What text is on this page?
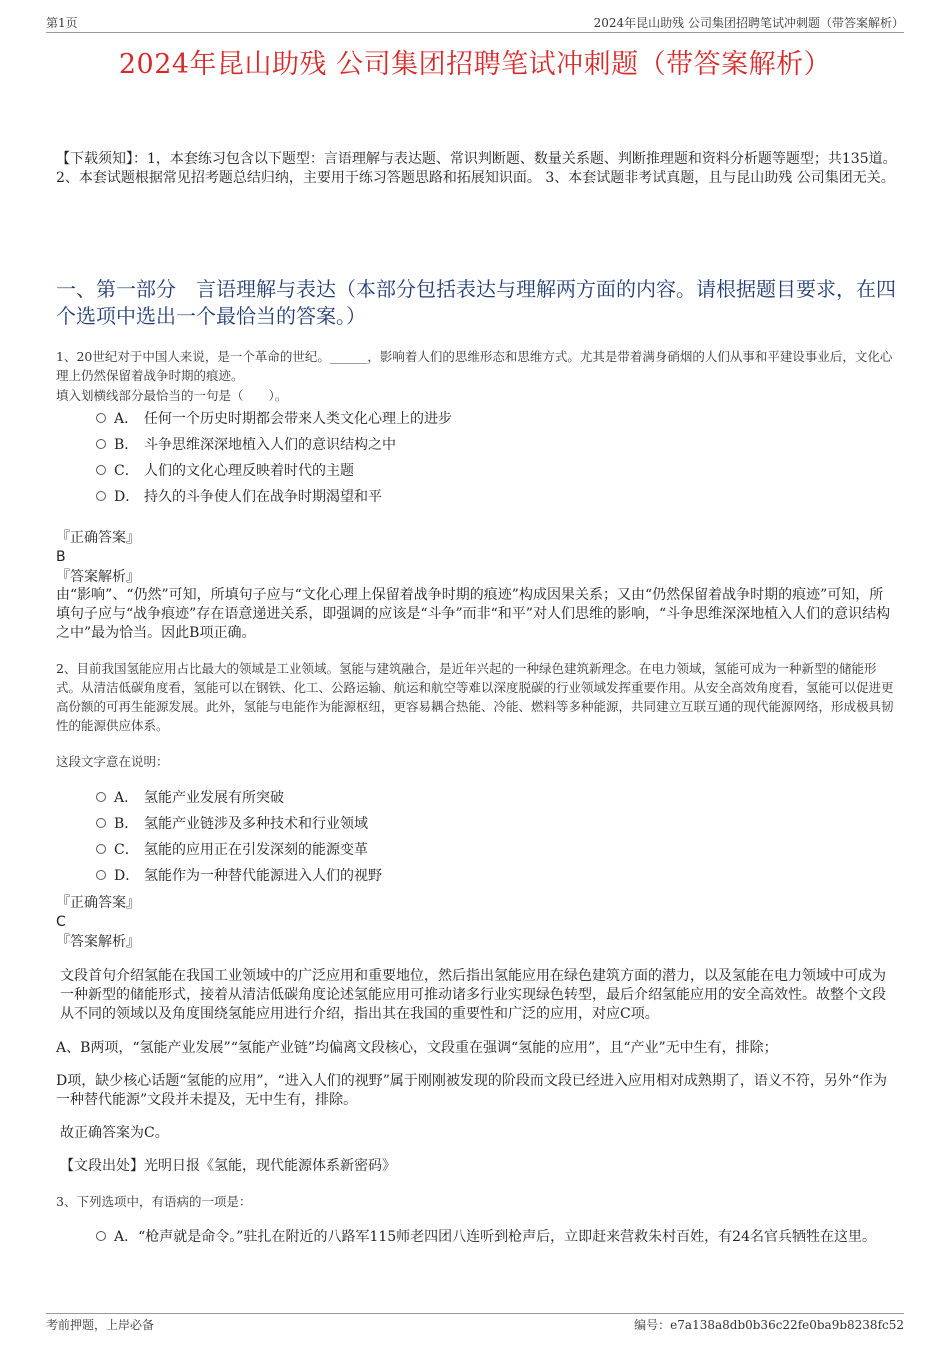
第1页	2024年昆山助残 公司集团招聘笔试冲刺题（带答案解析）
2024年昆山助残 公司集团招聘笔试冲刺题（带答案解析）
【下载须知】：1，本套练习包含以下题型：言语理解与表达题、常识判断题、数量关系题、判断推理题和资料分析题等题型；共135道。 2、本套试题根据常见招考题总结归纳，主要用于练习答题思路和拓展知识面。 3、本套试题非考试真题，且与昆山助残 公司集团无关。
一、第一部分　言语理解与表达（本部分包括表达与理解两方面的内容。请根据题目要求，在四个选项中选出一个最恰当的答案。）
1、20世纪对于中国人来说，是一个革命的世纪。______，影响着人们的思维形态和思维方式。尤其是带着满身硝烟的人们从事和平建设事业后，文化心理上仍然保留着战争时期的痕迹。
填入划横线部分最恰当的一句是（　　）。
A． 任何一个历史时期都会带来人类文化心理上的进步
B． 斗争思维深深地植入人们的意识结构之中
C． 人们的文化心理反映着时代的主题
D． 持久的斗争使人们在战争时期渴望和平
『正确答案』
B
『答案解析』
由“影响”、“仍然”可知，所填句子应与“文化心理上保留着战争时期的痕迹”构成因果关系；又由“仍然保留着战争时期的痕迹”可知，所填句子应与“战争痕迹”存在语意递进关系，即强调的应该是“斗争”而非“和平”对人们思维的影响，“斗争思维深深地植入人们的意识结构之中”最为恰当。因此B项正确。
2、目前我国氢能应用占比最大的领域是工业领域。氢能与建筑融合，是近年兴起的一种绿色建筑新理念。在电力领域，氢能可成为一种新型的储能形式。从清洁低碳角度看，氢能可以在钢铁、化工、公路运输、航运和航空等难以深度脱碳的行业领域发挥重要作用。从安全高效角度看，氢能可以促进更高份额的可再生能源发展。此外，氢能与电能作为能源枢纽，更容易耦合热能、冷能、燃料等多种能源，共同建立互联互通的现代能源网络，形成极具韧性的能源供应体系。
这段文字意在说明：
A． 氢能产业发展有所突破
B． 氢能产业链涉及多种技术和行业领域
C． 氢能的应用正在引发深刻的能源变革
D． 氢能作为一种替代能源进入人们的视野
『正确答案』
C
『答案解析』
文段首句介绍氢能在我国工业领域中的广泛应用和重要地位，然后指出氢能应用在绿色建筑方面的潜力，以及氢能在电力领域中可成为一种新型的储能形式，接着从清洁低碳角度论述氢能应用可推动诸多行业实现绿色转型，最后介绍氢能应用的安全高效性。故整个文段从不同的领域以及角度围绕氢能应用进行介绍，指出其在我国的重要性和广泛的应用，对应C项。
A、B两项，“氢能产业发展”“氢能产业链”均偏离文段核心，文段重在强调“氢能的应用”，且“产业”无中生有，排除；
D项，缺少核心话题“氢能的应用”，“进入人们的视野”属于刚刚被发现的阶段而文段已经进入应用相对成熟期了，语义不符，另外“作为一种替代能源”文段并未提及，无中生有，排除。
故正确答案为C。
【文段出处】光明日报《氢能，现代能源体系新密码》
3、下列选项中，有语病的一项是：
A．“枪声就是命令。”驻扎在附近的八路军115师老四团八连听到枪声后，立即赶来营救朱村百姓，有24名官兵牺牲在这里。
考前押题，上岸必备	编号：e7a138a8db0b36c22fe0ba9b8238fc52
